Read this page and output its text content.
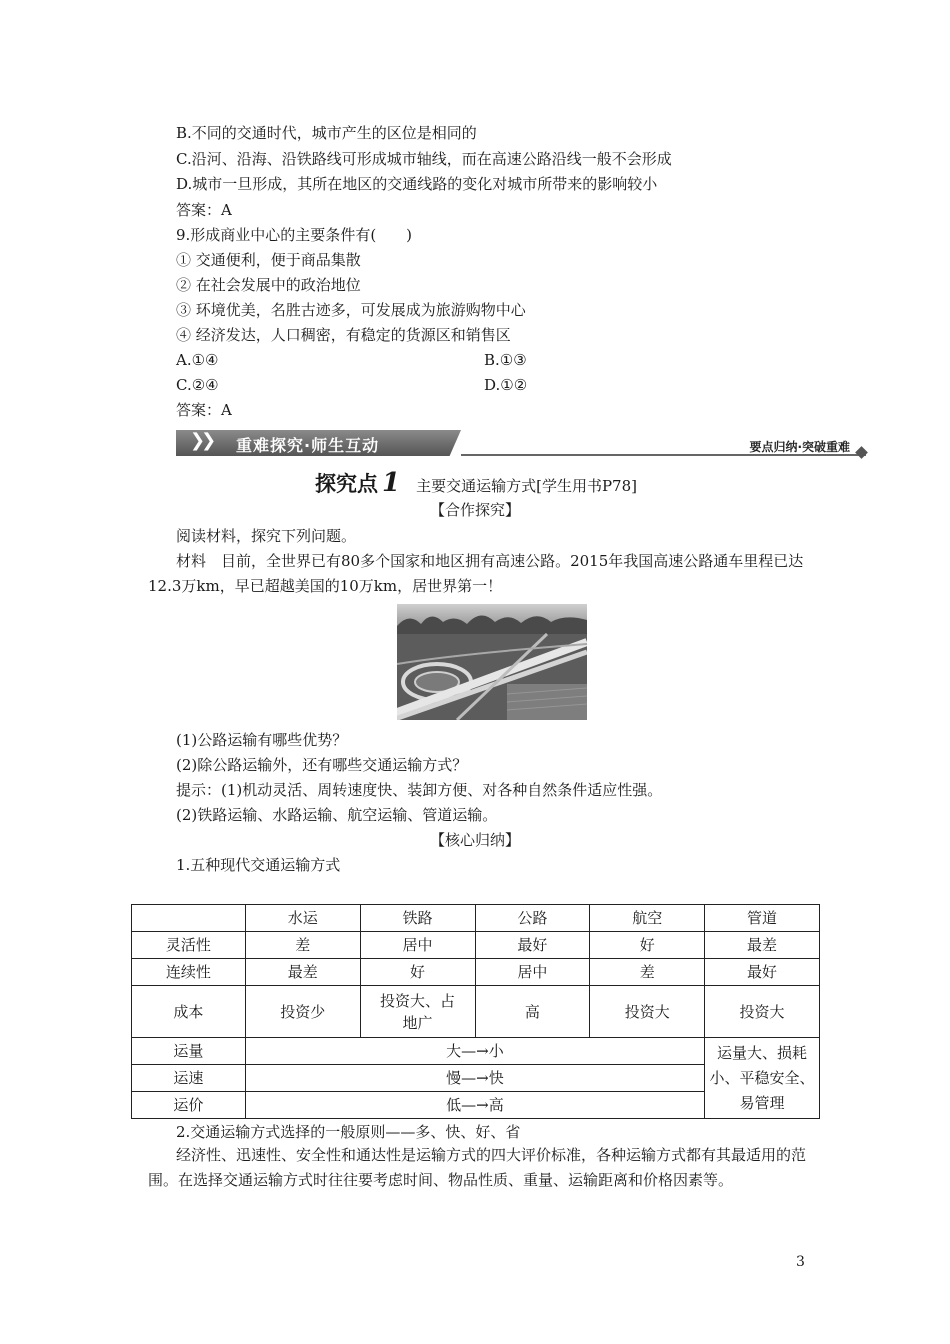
B.不同的交通时代，城市产生的区位是相同的
C.沿河、沿海、沿铁路线可形成城市轴线，而在高速公路沿线一般不会形成
D.城市一旦形成，其所在地区的交通线路的变化对城市所带来的影响较小
答案：A
9.形成商业中心的主要条件有(　　)
① 交通便利，便于商品集散
② 在社会发展中的政治地位
③ 环境优美，名胜古迹多，可发展成为旅游购物中心
④ 经济发达，人口稠密，有稳定的货源区和销售区
A.①④	B.①③
C.②④	D.①②
答案：A
❯❯ 重难探究·师生互动	要点归纳·突破重难
探究点 1 主要交通运输方式[学生用书P78]
【合作探究】
阅读材料，探究下列问题。
材料　目前，全世界已有80多个国家和地区拥有高速公路。2015年我国高速公路通车里程已达12.3万km，早已超越美国的10万km，居世界第一！
(1)公路运输有哪些优势？
(2)除公路运输外，还有哪些交通运输方式？
提示：(1)机动灵活、周转速度快、装卸方便、对各种自然条件适应性强。
(2)铁路运输、水路运输、航空运输、管道运输。
【核心归纳】
1.五种现代交通运输方式
	水运	铁路	公路	航空	管道
灵活性	差	居中	最好	好	最差
连续性	最差	好	居中	差	最好
成本	投资少	投资大、占地广	高	投资大	投资大
运量	大—→小				运量大、损耗小、平稳安全、易管理
运速	慢—→快				
运价	低—→高				
2.交通运输方式选择的一般原则——多、快、好、省
经济性、迅速性、安全性和通达性是运输方式的四大评价标准，各种运输方式都有其最适用的范围。在选择交通运输方式时往往要考虑时间、物品性质、重量、运输距离和价格因素等。
3
